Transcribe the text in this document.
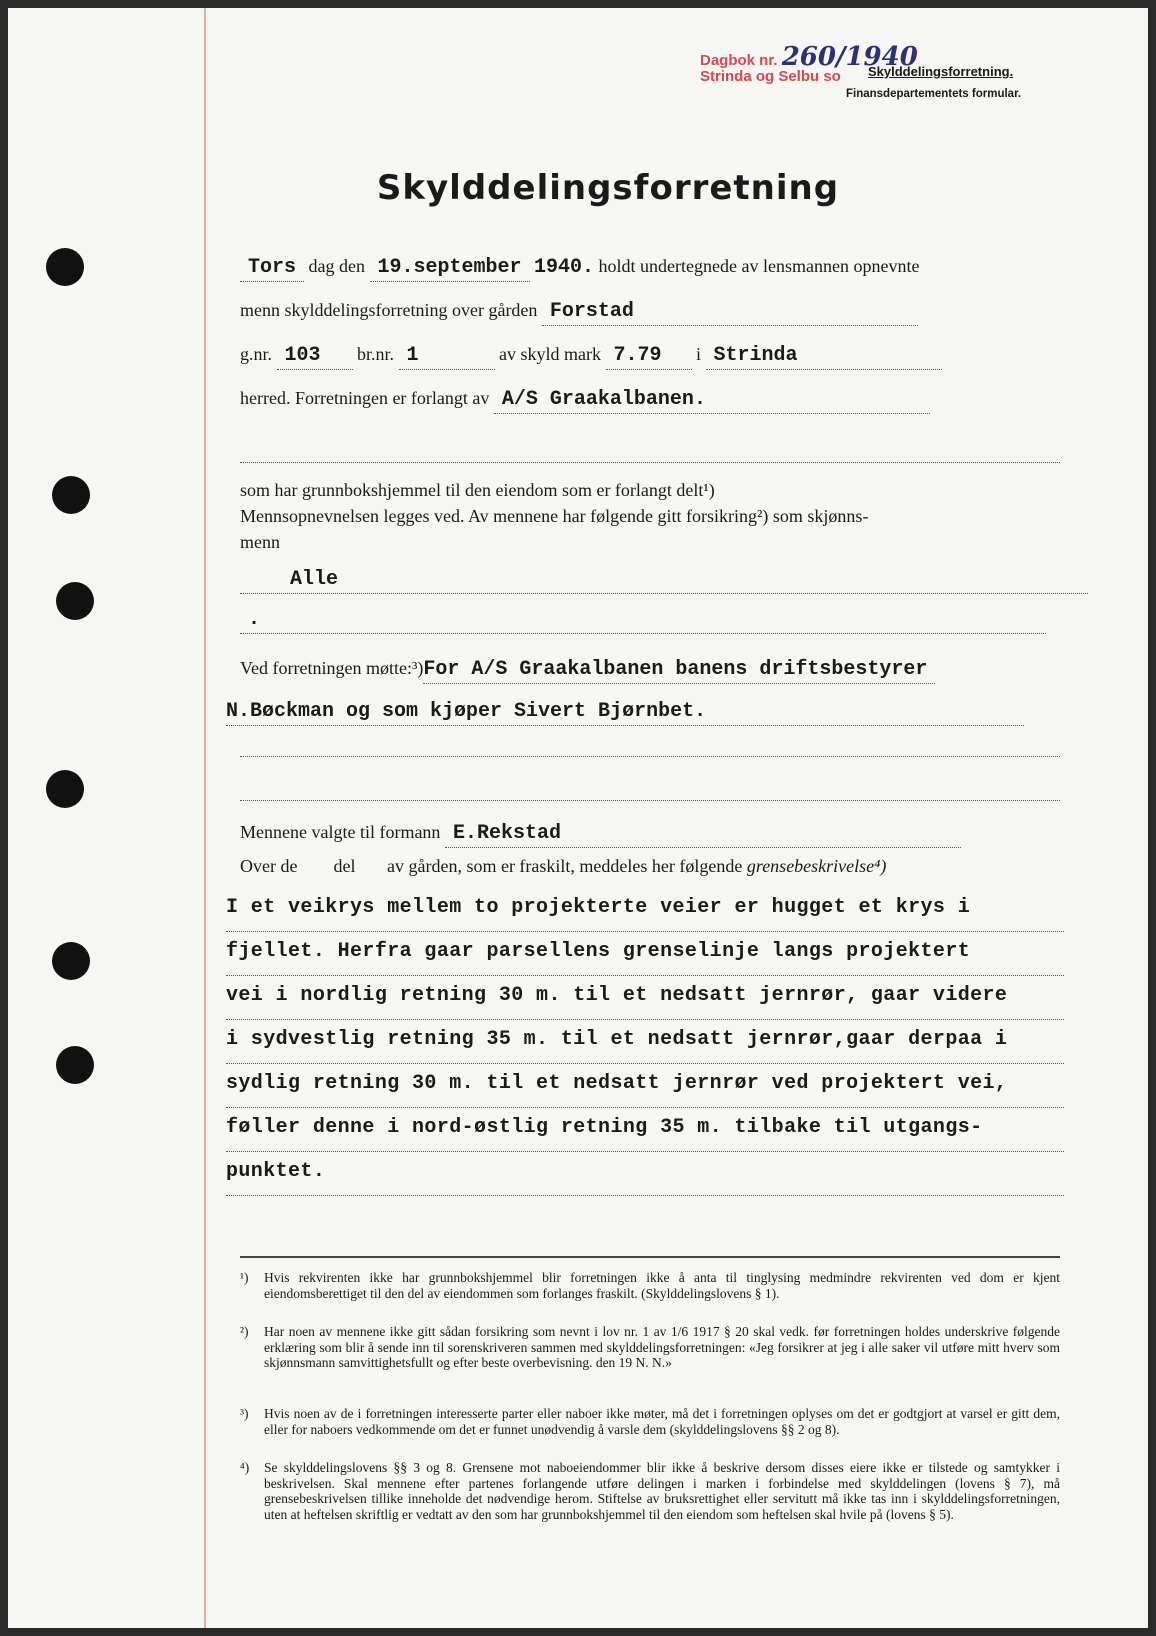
Dagbok nr. 260/1940
Strinda og Selbu so Skylddelingsforretning.
Finansdepartementets formular.
Skylddelingsforretning
Tors dag den 19.september 1940. holdt undertegnede av lensmannen opnevnte
menn skylddelingsforretning over gården Forstad
g.nr. 103 br.nr. 1	av skyld mark 7.79 i Strinda
herred. Forretningen er forlangt av A/S Graakalbanen.
som har grunnbokshjemmel til den eiendom som er forlangt delt¹)
Mennsopnevnelsen legges ved. Av mennene har følgende gitt forsikring²) som skjønns-
menn
Alle
.
Ved forretningen møtte:³)For A/S Graakalbanen banens driftsbestyrer
N.Bøckman og som kjøper Sivert Bjørnbet.
Mennene valgte til formann E.Rekstad
Over de del av gården, som er fraskilt, meddeles her følgende grensebeskrivelse⁴)
I et veikrys mellem to projekterte veier er hugget et krys i
fjellet. Herfra gaar parsellens grenselinje langs projektert
vei i nordlig retning 30 m. til et nedsatt jernrør, gaar videre
i sydvestlig retning 35 m. til et nedsatt jernrør,gaar derpaa i
sydlig retning 30 m. til et nedsatt jernrør ved projektert vei,
føller denne i nord-østlig retning 35 m. tilbake til utgangs-
punktet.
¹)	Hvis rekvirenten ikke har grunnbokshjemmel blir forretningen ikke å anta til tinglysing medmindre rekvirenten ved dom er kjent eiendomsberettiget til den del av eiendommen som forlanges fraskilt. (Skylddelingslovens § 1).
²)	Har noen av mennene ikke gitt sådan forsikring som nevnt i lov nr. 1 av 1/6 1917 § 20 skal vedk. før forretningen holdes underskrive følgende erklæring som blir å sende inn til sorenskriveren sammen med skylddelingsforretningen: «Jeg forsikrer at jeg i alle saker vil utføre mitt hverv som skjønnsmann samvittighetsfullt og efter beste overbevisning. den 19 N. N.»
³)	Hvis noen av de i forretningen interesserte parter eller naboer ikke møter, må det i forretningen oplyses om det er godtgjort at varsel er gitt dem, eller for naboers vedkommende om det er funnet unødvendig å varsle dem (skylddelingslovens §§ 2 og 8).
⁴)	Se skylddelingslovens §§ 3 og 8. Grensene mot naboeiendommer blir ikke å beskrive dersom disses eiere ikke er tilstede og samtykker i beskrivelsen. Skal mennene efter partenes forlangende utføre delingen i marken i forbindelse med skylddelingen (lovens § 7), må grensebeskrivelsen tillike inneholde det nødvendige herom. Stiftelse av bruksrettighet eller servitutt må ikke tas inn i skylddelingsforretningen, uten at heftelsen skriftlig er vedtatt av den som har grunnbokshjemmel til den eiendom som heftelsen skal hvile på (lovens § 5).
